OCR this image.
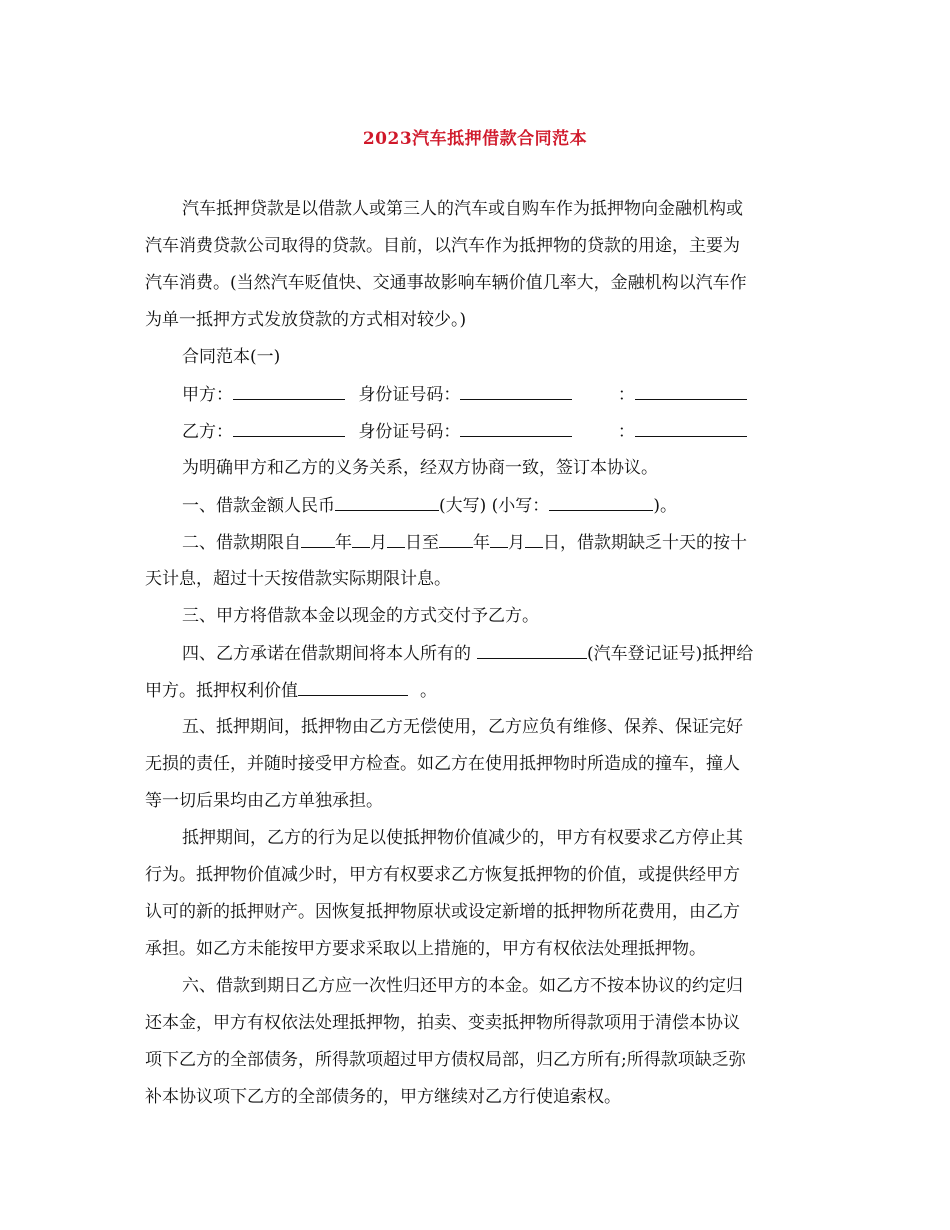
2023汽车抵押借款合同范本
汽车抵押贷款是以借款人或第三人的汽车或自购车作为抵押物向金融机构或
汽车消费贷款公司取得的贷款。目前，以汽车作为抵押物的贷款的用途，主要为
汽车消费。(当然汽车贬值快、交通事故影响车辆价值几率大，金融机构以汽车作
为单一抵押方式发放贷款的方式相对较少。)
合同范本(一)
甲方：	身份证号码：	：
乙方：	身份证号码：	：
为明确甲方和乙方的义务关系，经双方协商一致，签订本协议。
一、借款金额人民币	(大写) (小写：	)。
二、借款期限自 年 月 日至 年 月 日，借款期缺乏十天的按十
天计息，超过十天按借款实际期限计息。
三、甲方将借款本金以现金的方式交付予乙方。
四、乙方承诺在借款期间将本人所有的	(汽车登记证号)抵押给
甲方。抵押权利价值	。
五、抵押期间，抵押物由乙方无偿使用，乙方应负有维修、保养、保证完好
无损的责任，并随时接受甲方检查。如乙方在使用抵押物时所造成的撞车，撞人
等一切后果均由乙方单独承担。
抵押期间，乙方的行为足以使抵押物价值减少的，甲方有权要求乙方停止其
行为。抵押物价值减少时，甲方有权要求乙方恢复抵押物的价值，或提供经甲方
认可的新的抵押财产。因恢复抵押物原状或设定新增的抵押物所花费用，由乙方
承担。如乙方未能按甲方要求采取以上措施的，甲方有权依法处理抵押物。
六、借款到期日乙方应一次性归还甲方的本金。如乙方不按本协议的约定归
还本金，甲方有权依法处理抵押物，拍卖、变卖抵押物所得款项用于清偿本协议
项下乙方的全部债务，所得款项超过甲方债权局部，归乙方所有;所得款项缺乏弥
补本协议项下乙方的全部债务的，甲方继续对乙方行使追索权。
